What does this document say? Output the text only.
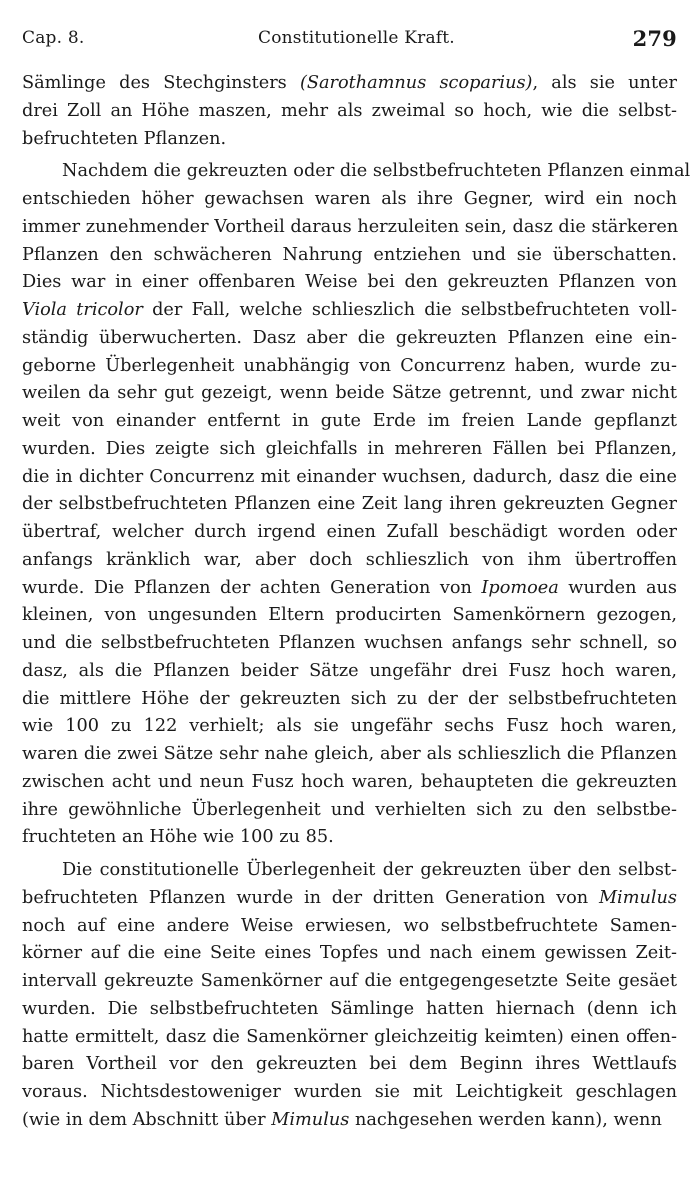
Cap. 8.	Constitutionelle Kraft.	279
Sämlinge des Stechginsters (Sarothamnus scoparius), als sie unter
drei Zoll an Höhe maszen, mehr als zweimal so hoch, wie die selbst-
befruchteten Pflanzen.
Nachdem die gekreuzten oder die selbstbefruchteten Pflanzen einmal
entschieden höher gewachsen waren als ihre Gegner, wird ein noch
immer zunehmender Vortheil daraus herzuleiten sein, dasz die stärkeren
Pflanzen den schwächeren Nahrung entziehen und sie überschatten.
Dies war in einer offenbaren Weise bei den gekreuzten Pflanzen von
Viola tricolor der Fall, welche schlieszlich die selbstbefruchteten voll-
ständig überwucherten. Dasz aber die gekreuzten Pflanzen eine ein-
geborne Überlegenheit unabhängig von Concurrenz haben, wurde zu-
weilen da sehr gut gezeigt, wenn beide Sätze getrennt, und zwar nicht
weit von einander entfernt in gute Erde im freien Lande gepflanzt
wurden. Dies zeigte sich gleichfalls in mehreren Fällen bei Pflanzen,
die in dichter Concurrenz mit einander wuchsen, dadurch, dasz die eine
der selbstbefruchteten Pflanzen eine Zeit lang ihren gekreuzten Gegner
übertraf, welcher durch irgend einen Zufall beschädigt worden oder
anfangs kränklich war, aber doch schlieszlich von ihm übertroffen
wurde. Die Pflanzen der achten Generation von Ipomoea wurden aus
kleinen, von ungesunden Eltern producirten Samenkörnern gezogen,
und die selbstbefruchteten Pflanzen wuchsen anfangs sehr schnell, so
dasz, als die Pflanzen beider Sätze ungefähr drei Fusz hoch waren,
die mittlere Höhe der gekreuzten sich zu der der selbstbefruchteten
wie 100 zu 122 verhielt; als sie ungefähr sechs Fusz hoch waren,
waren die zwei Sätze sehr nahe gleich, aber als schlieszlich die Pflanzen
zwischen acht und neun Fusz hoch waren, behaupteten die gekreuzten
ihre gewöhnliche Überlegenheit und verhielten sich zu den selbstbe-
fruchteten an Höhe wie 100 zu 85.
Die constitutionelle Überlegenheit der gekreuzten über den selbst-
befruchteten Pflanzen wurde in der dritten Generation von Mimulus
noch auf eine andere Weise erwiesen, wo selbstbefruchtete Samen-
körner auf die eine Seite eines Topfes und nach einem gewissen Zeit-
intervall gekreuzte Samenkörner auf die entgegengesetzte Seite gesäet
wurden. Die selbstbefruchteten Sämlinge hatten hiernach (denn ich
hatte ermittelt, dasz die Samenkörner gleichzeitig keimten) einen offen-
baren Vortheil vor den gekreuzten bei dem Beginn ihres Wettlaufs
voraus. Nichtsdestoweniger wurden sie mit Leichtigkeit geschlagen
(wie in dem Abschnitt über Mimulus nachgesehen werden kann), wenn
